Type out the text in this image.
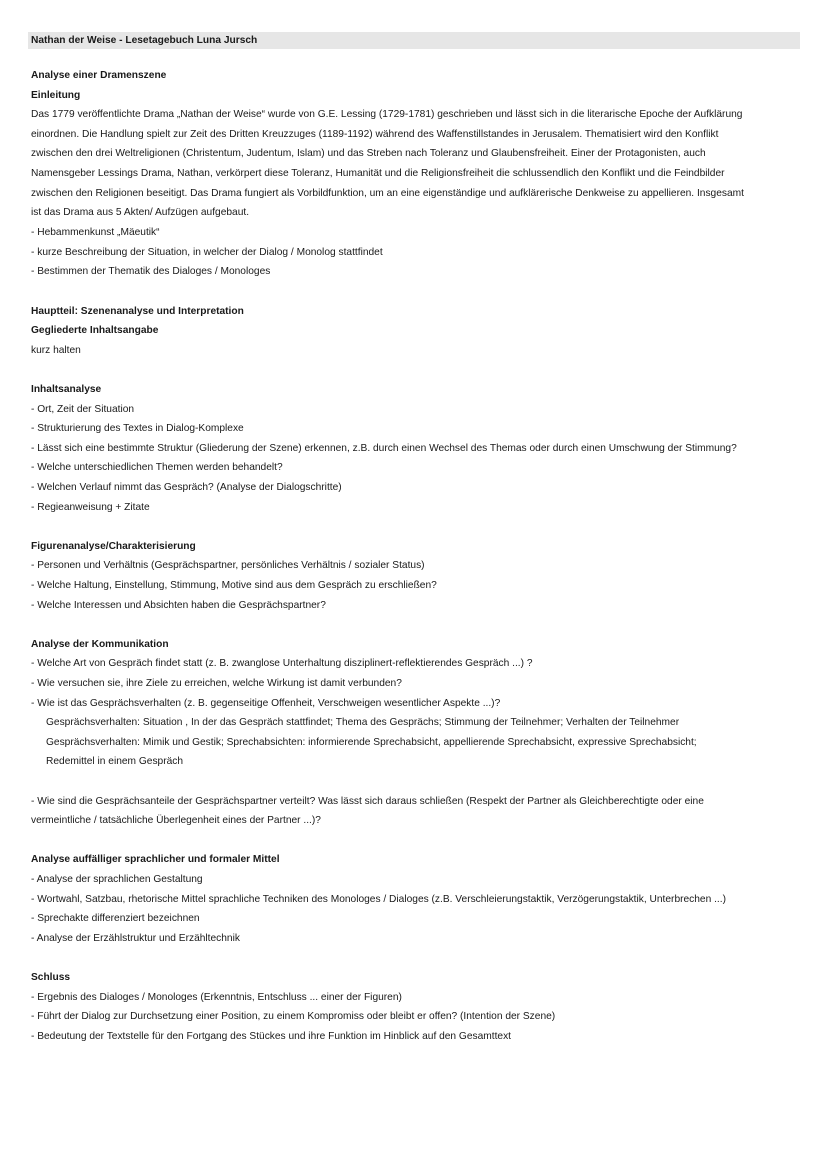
Nathan der Weise - Lesetagebuch Luna Jursch
Analyse einer Dramenszene
Einleitung
Das 1779 veröffentlichte Drama „Nathan der Weise“ wurde von G.E. Lessing (1729-1781) geschrieben und lässt sich in die literarische Epoche der Aufklärung
einordnen. Die Handlung spielt zur Zeit des Dritten Kreuzzuges (1189-1192) während des Waffenstillstandes in Jerusalem. Thematisiert wird den Konflikt
zwischen den drei Weltreligionen (Christentum, Judentum, Islam) und das Streben nach Toleranz und Glaubensfreiheit. Einer der Protagonisten, auch
Namensgeber Lessings Drama, Nathan, verkörpert diese Toleranz, Humanität und die Religionsfreiheit die schlussendlich den Konflikt und die Feindbilder
zwischen den Religionen beseitigt. Das Drama fungiert als Vorbildfunktion, um an eine eigenständige und aufklärerische Denkweise zu appellieren. Insgesamt
ist das Drama aus 5 Akten/ Aufzügen aufgebaut.
- Hebammenkunst „Mäeutik“
- kurze Beschreibung der Situation, in welcher der Dialog / Monolog stattfindet
- Bestimmen der Thematik des Dialoges / Monologes
Hauptteil: Szenenanalyse und Interpretation
Gegliederte Inhaltsangabe
kurz halten
Inhaltsanalyse
- Ort, Zeit der Situation
- Strukturierung des Textes in Dialog-Komplexe
- Lässt sich eine bestimmte Struktur (Gliederung der Szene) erkennen, z.B. durch einen Wechsel des Themas oder durch einen Umschwung der Stimmung?
- Welche unterschiedlichen Themen werden behandelt?
- Welchen Verlauf nimmt das Gespräch? (Analyse der Dialogschritte)
- Regieanweisung + Zitate
Figurenanalyse/Charakterisierung
- Personen und Verhältnis (Gesprächspartner, persönliches Verhältnis / sozialer Status)
- Welche Haltung, Einstellung, Stimmung, Motive sind aus dem Gespräch zu erschließen?
- Welche Interessen und Absichten haben die Gesprächspartner?
Analyse der Kommunikation
- Welche Art von Gespräch findet statt (z. B. zwanglose Unterhaltung disziplinert-reflektierendes Gespräch ...) ?
- Wie versuchen sie, ihre Ziele zu erreichen, welche Wirkung ist damit verbunden?
- Wie ist das Gesprächsverhalten (z. B. gegenseitige Offenheit, Verschweigen wesentlicher Aspekte ...)?
Gesprächsverhalten: Situation , In der das Gespräch stattfindet; Thema des Gesprächs; Stimmung der Teilnehmer; Verhalten der Teilnehmer
Gesprächsverhalten: Mimik und Gestik; Sprechabsichten: informierende Sprechabsicht, appellierende Sprechabsicht, expressive Sprechabsicht;
Redemittel in einem Gespräch
- Wie sind die Gesprächsanteile der Gesprächspartner verteilt? Was lässt sich daraus schließen (Respekt der Partner als Gleichberechtigte oder eine
vermeintliche / tatsächliche Überlegenheit eines der Partner ...)?
Analyse auffälliger sprachlicher und formaler Mittel
- Analyse der sprachlichen Gestaltung
- Wortwahl, Satzbau, rhetorische Mittel sprachliche Techniken des Monologes / Dialoges (z.B. Verschleierungstaktik, Verzögerungstaktik, Unterbrechen ...)
- Sprechakte differenziert bezeichnen
- Analyse der Erzählstruktur und Erzähltechnik
Schluss
- Ergebnis des Dialoges / Monologes (Erkenntnis, Entschluss ... einer der Figuren)
- Führt der Dialog zur Durchsetzung einer Position, zu einem Kompromiss oder bleibt er offen? (Intention der Szene)
- Bedeutung der Textstelle für den Fortgang des Stückes und ihre Funktion im Hinblick auf den Gesamttext
